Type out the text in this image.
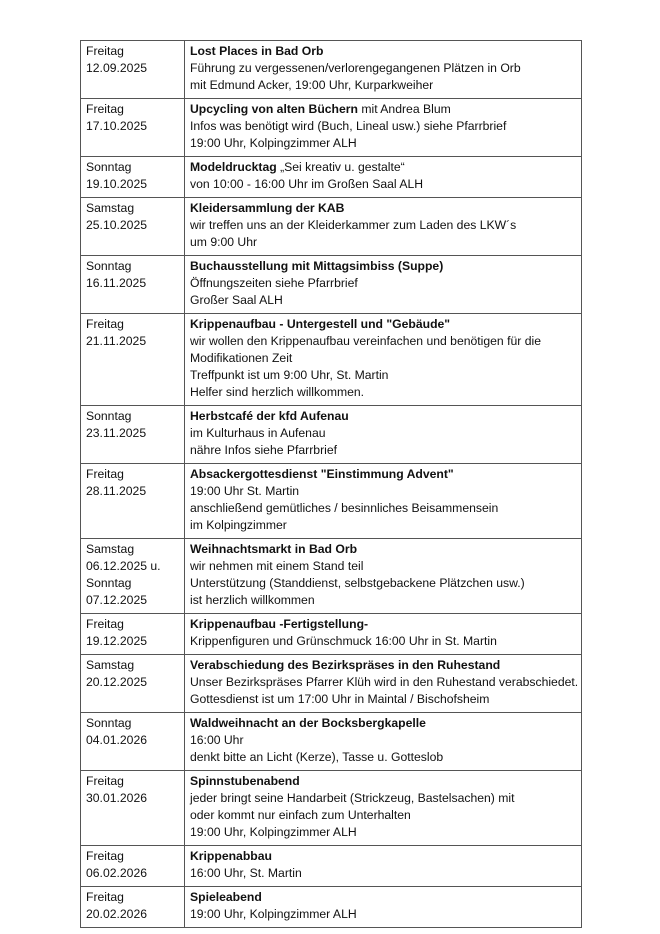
Freitag
12.09.2025	Lost Places in Bad Orb
Führung zu vergessenen/verlorengegangenen Plätzen in Orb
mit Edmund Acker, 19:00 Uhr, Kurparkweiher

Freitag
17.10.2025	Upcycling von alten Büchern mit Andrea Blum
Infos was benötigt wird (Buch, Lineal usw.) siehe Pfarrbrief
19:00 Uhr, Kolpingzimmer ALH

Sonntag
19.10.2025	Modeldrucktag „Sei kreativ u. gestalte“
von 10:00 - 16:00 Uhr im Großen Saal ALH

Samstag
25.10.2025	Kleidersammlung der KAB
wir treffen uns an der Kleiderkammer zum Laden des LKW´s
um 9:00 Uhr

Sonntag
16.11.2025	Buchausstellung mit Mittagsimbiss (Suppe)
Öffnungszeiten siehe Pfarrbrief
Großer Saal ALH

Freitag
21.11.2025	Krippenaufbau - Untergestell und "Gebäude"
wir wollen den Krippenaufbau vereinfachen und benötigen für die
Modifikationen Zeit
Treffpunkt ist um 9:00 Uhr, St. Martin
Helfer sind herzlich willkommen.

Sonntag
23.11.2025	Herbstcafé der kfd Aufenau
im Kulturhaus in Aufenau
nähre Infos siehe Pfarrbrief

Freitag
28.11.2025	Absackergottesdienst "Einstimmung Advent"
19:00 Uhr St. Martin
anschließend gemütliches / besinnliches Beisammensein
im Kolpingzimmer

Samstag
06.12.2025 u.
Sonntag
07.12.2025	Weihnachtsmarkt in Bad Orb
wir nehmen mit einem Stand teil
Unterstützung (Standdienst, selbstgebackene Plätzchen usw.)
ist herzlich willkommen

Freitag
19.12.2025	Krippenaufbau -Fertigstellung-
Krippenfiguren und Grünschmuck 16:00 Uhr in St. Martin

Samstag
20.12.2025	Verabschiedung des Bezirkspräses in den Ruhestand
Unser Bezirkspräses Pfarrer Klüh wird in den Ruhestand verabschiedet.
Gottesdienst ist um 17:00 Uhr in Maintal / Bischofsheim

Sonntag
04.01.2026	Waldweihnacht an der Bocksbergkapelle
16:00 Uhr
denkt bitte an Licht (Kerze), Tasse u. Gotteslob

Freitag
30.01.2026	Spinnstubenabend
jeder bringt seine Handarbeit (Strickzeug, Bastelsachen) mit
oder kommt nur einfach zum Unterhalten
19:00 Uhr, Kolpingzimmer ALH

Freitag
06.02.2026	Krippenabbau
16:00 Uhr, St. Martin

Freitag
20.02.2026	Spieleabend
19:00 Uhr, Kolpingzimmer ALH
